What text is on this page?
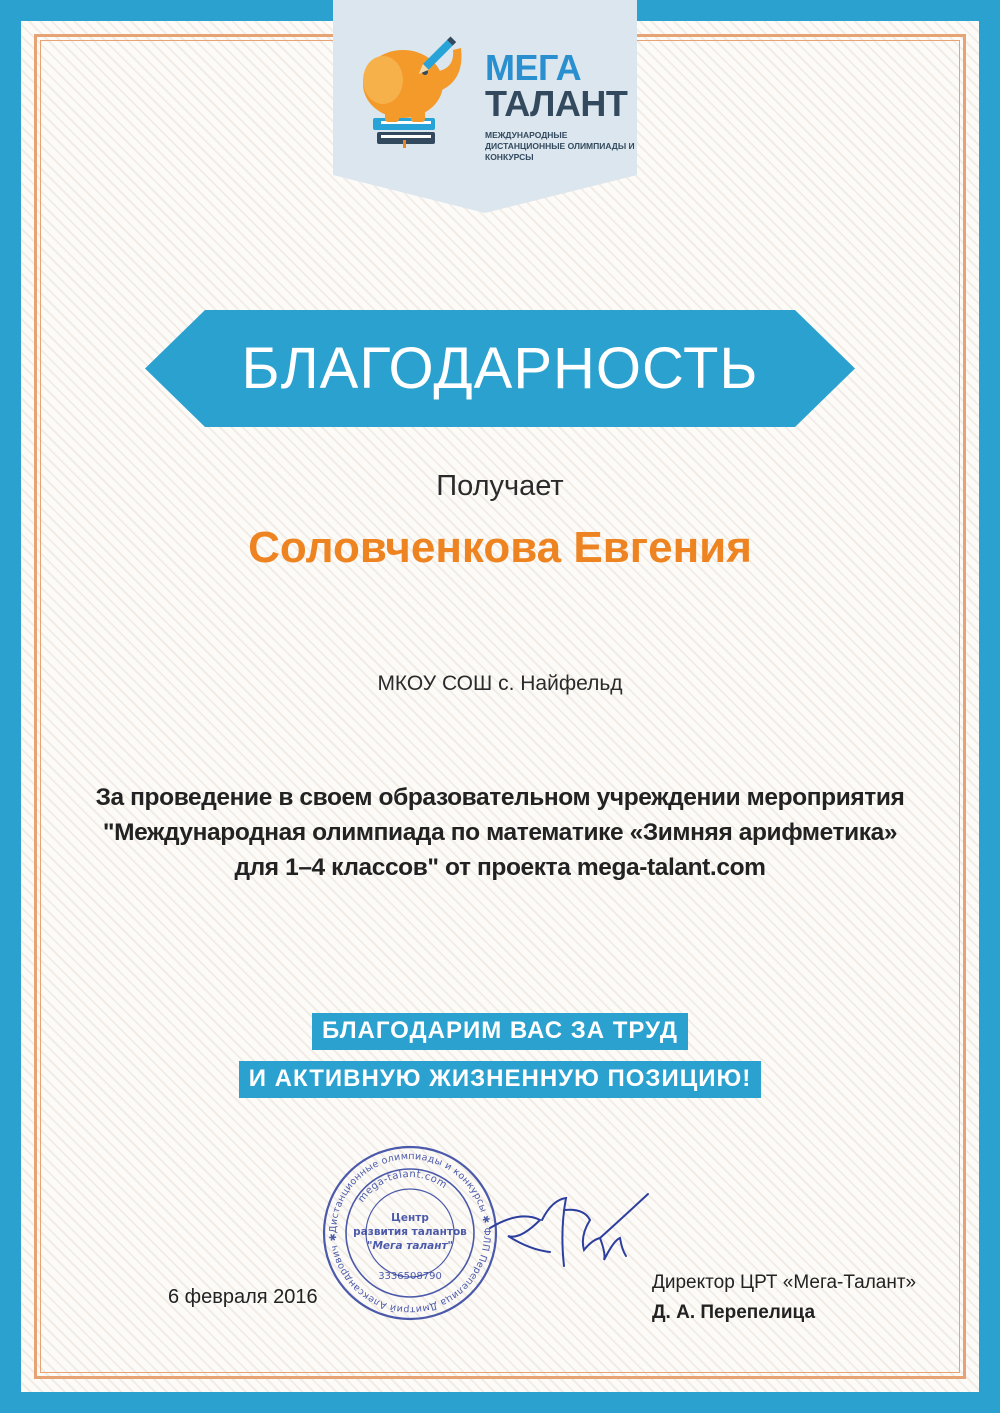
МЕГА
ТАЛАНТ
МЕЖДУНАРОДНЫЕ ДИСТАНЦИОННЫЕ ОЛИМПИАДЫ И КОНКУРСЫ
БЛАГОДАРНОСТЬ
Получает
Соловченкова Евгения
МКОУ СОШ с. Найфельд
За проведение в своем образовательном учреждении мероприятия
"Международная олимпиада по математике «Зимняя арифметика»
для 1–4 классов" от проекта mega-talant.com
БЛАГОДАРИМ ВАС ЗА ТРУД
И АКТИВНУЮ ЖИЗНЕННУЮ ПОЗИЦИЮ!
Дистанционные олимпиады и конкурсы ✱ ФЛП Перепелица Дмитрий Александрович ✱
mega-talant.com
Центр
развития талантов
"Мега талант"
3336508790
6 февраля 2016
Директор ЦРТ «Мега-Талант»
Д. А. Перепелица
